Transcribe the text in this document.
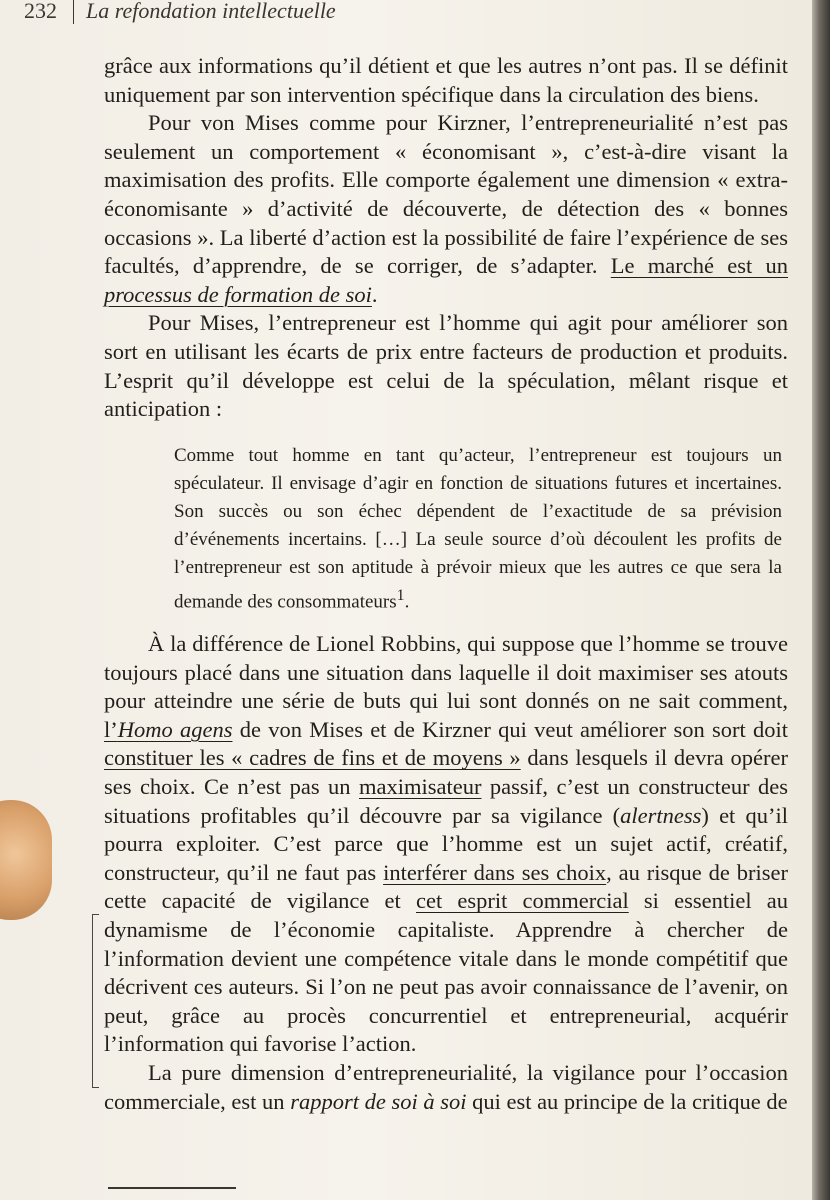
232 La refondation intellectuelle

grâce aux informations qu’il détient et que les autres n’ont pas. Il se définit uniquement par son intervention spécifique dans la circulation des biens.

Pour von Mises comme pour Kirzner, l’entrepreneurialité n’est pas seulement un comportement « économisant », c’est-à-dire visant la maximisation des profits. Elle comporte également une dimension « extra-économisante » d’activité de découverte, de détection des « bonnes occasions ». La liberté d’action est la possibilité de faire l’expérience de ses facultés, d’apprendre, de se corriger, de s’adapter. Le marché est un processus de formation de soi.

Pour Mises, l’entrepreneur est l’homme qui agit pour améliorer son sort en utilisant les écarts de prix entre facteurs de production et produits. L’esprit qu’il développe est celui de la spéculation, mêlant risque et anticipation :

Comme tout homme en tant qu’acteur, l’entrepreneur est toujours un spéculateur. Il envisage d’agir en fonction de situations futures et incertaines. Son succès ou son échec dépendent de l’exactitude de sa prévision d’événements incertains. […] La seule source d’où découlent les profits de l’entrepreneur est son aptitude à prévoir mieux que les autres ce que sera la demande des consommateurs$^1$.

À la différence de Lionel Robbins, qui suppose que l’homme se trouve toujours placé dans une situation dans laquelle il doit maximiser ses atouts pour atteindre une série de buts qui lui sont donnés on ne sait comment, l’Homo agens de von Mises et de Kirzner qui veut améliorer son sort doit constituer les « cadres de fins et de moyens » dans lesquels il devra opérer ses choix. Ce n’est pas un maximisateur passif, c’est un constructeur des situations profitables qu’il découvre par sa vigilance (alertness) et qu’il pourra exploiter. C’est parce que l’homme est un sujet actif, créatif, constructeur, qu’il ne faut pas interférer dans ses choix, au risque de briser cette capacité de vigilance et cet esprit commercial si essentiel au dynamisme de l’économie capitaliste. Apprendre à chercher de l’information devient une compétence vitale dans le monde compétitif que décrivent ces auteurs. Si l’on ne peut pas avoir connaissance de l’avenir, on peut, grâce au procès concurrentiel et entrepreneurial, acquérir l’information qui favorise l’action.

La pure dimension d’entrepreneurialité, la vigilance pour l’occasion commerciale, est un rapport de soi à soi qui est au principe de la critique de
